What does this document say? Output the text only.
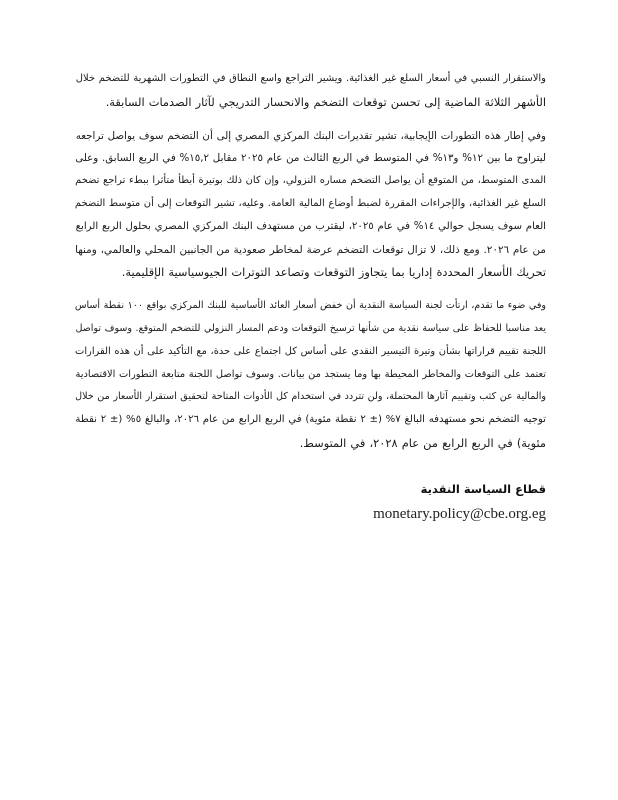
والاستقرار النسبي في أسعار السلع غير الغذائية. ويشير التراجع واسع النطاق في التطورات الشهرية للتضخم خلال
الأشهر الثلاثة الماضية إلى تحسن توقعات التضخم والانحسار التدريجي لآثار الصدمات السابقة.
وفي إطار هذه التطورات الإيجابية، تشير تقديرات البنك المركزي المصري إلى أن التضخم سوف يواصل تراجعه
ليتراوح ما بين ١٢% و١٣% في المتوسط في الربع الثالث من عام ٢٠٢٥ مقابل ١٥,٢% في الربع السابق. وعلى
المدى المتوسط، من المتوقع أن يواصل التضخم مساره النزولي، وإن كان ذلك بوتيرة أبطأ متأثرا ببطء تراجع تضخم
السلع غير الغذائية، والإجراءات المقررة لضبط أوضاع المالية العامة. وعليه، تشير التوقعات إلى أن متوسط التضخم
العام سوف يسجل حوالي ١٤% في عام ٢٠٢٥، ليقترب من مستهدف البنك المركزي المصري بحلول الربع الرابع
من عام ٢٠٢٦. ومع ذلك، لا تزال توقعات التضخم عرضة لمخاطر صعودية من الجانبين المحلي والعالمي، ومنها
تحريك الأسعار المحددة إداريا بما يتجاوز التوقعات وتصاعد التوترات الجيوسياسية الإقليمية.
وفي ضوء ما تقدم، ارتأت لجنة السياسة النقدية أن خفض أسعار العائد الأساسية للبنك المركزي بواقع ١٠٠ نقطة أساس
يعد مناسبا للحفاظ على سياسة نقدية من شأنها ترسيخ التوقعات ودعم المسار النزولي للتضخم المتوقع. وسوف تواصل
اللجنة تقييم قراراتها بشأن وتيرة التيسير النقدي على أساس كل اجتماع على حدة، مع التأكيد على أن هذه القرارات
تعتمد على التوقعات والمخاطر المحيطة بها وما يستجد من بيانات. وسوف تواصل اللجنة متابعة التطورات الاقتصادية
والمالية عن كثب وتقييم آثارها المحتملة، ولن تتردد في استخدام كل الأدوات المتاحة لتحقيق استقرار الأسعار من خلال
توجيه التضخم نحو مستهدفه البالغ ٧% (± ٢ نقطة مئوية) في الربع الرابع من عام ٢٠٢٦، والبالغ ٥% (± ٢ نقطة
مئوية) في الربع الرابع من عام ٢٠٢٨، في المتوسط.
قطاع السياسة النقدية
monetary.policy@cbe.org.eg
